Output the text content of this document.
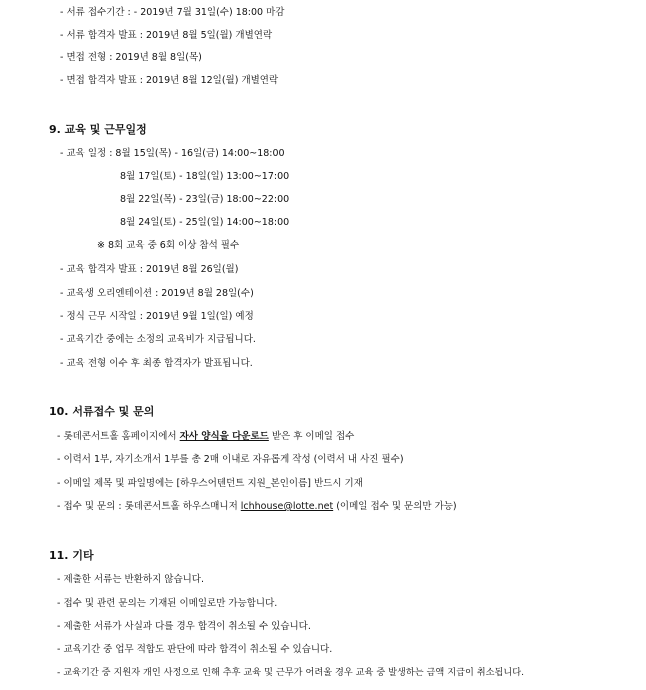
- 서류 접수기간 : - 2019년 7월 31일(수) 18:00 마감
- 서류 합격자 발표 : 2019년 8월 5일(월) 개별연락
- 면접 전형 : 2019년 8월 8일(목)
- 면접 합격자 발표 : 2019년 8월 12일(월) 개별연락
9. 교육 및 근무일정
- 교육 일정 : 8월 15일(목) - 16일(금) 14:00~18:00
8월 17일(토) - 18일(일) 13:00~17:00
8월 22일(목) - 23일(금) 18:00~22:00
8월 24일(토) - 25일(일) 14:00~18:00
※ 8회 교육 중 6회 이상 참석 필수
- 교육 합격자 발표 : 2019년 8월 26일(월)
- 교육생 오리엔테이션 : 2019년 8월 28일(수)
- 정식 근무 시작일 : 2019년 9월 1일(일) 예정
- 교육기간 중에는 소정의 교육비가 지급됩니다.
- 교육 전형 이수 후 최종 합격자가 발표됩니다.
10. 서류접수 및 문의
- 롯데콘서트홀 홈페이지에서 자사 양식을 다운로드 받은 후 이메일 접수
- 이력서 1부, 자기소개서 1부를 총 2매 이내로 자유롭게 작성 (이력서 내 사진 필수)
- 이메일 제목 및 파일명에는 [하우스어텐던트 지원_본인이름] 반드시 기재
- 접수 및 문의 : 롯데콘서트홀 하우스매니저 lchhouse@lotte.net (이메일 접수 및 문의만 가능)
11. 기타
- 제출한 서류는 반환하지 않습니다.
- 접수 및 관련 문의는 기재된 이메일로만 가능합니다.
- 제출한 서류가 사실과 다를 경우 합격이 취소될 수 있습니다.
- 교육기간 중 업무 적합도 판단에 따라 합격이 취소될 수 있습니다.
- 교육기간 중 지원자 개인 사정으로 인해 추후 교육 및 근무가 어려울 경우 교육 중 발생하는 금액 지급이 취소됩니다.
